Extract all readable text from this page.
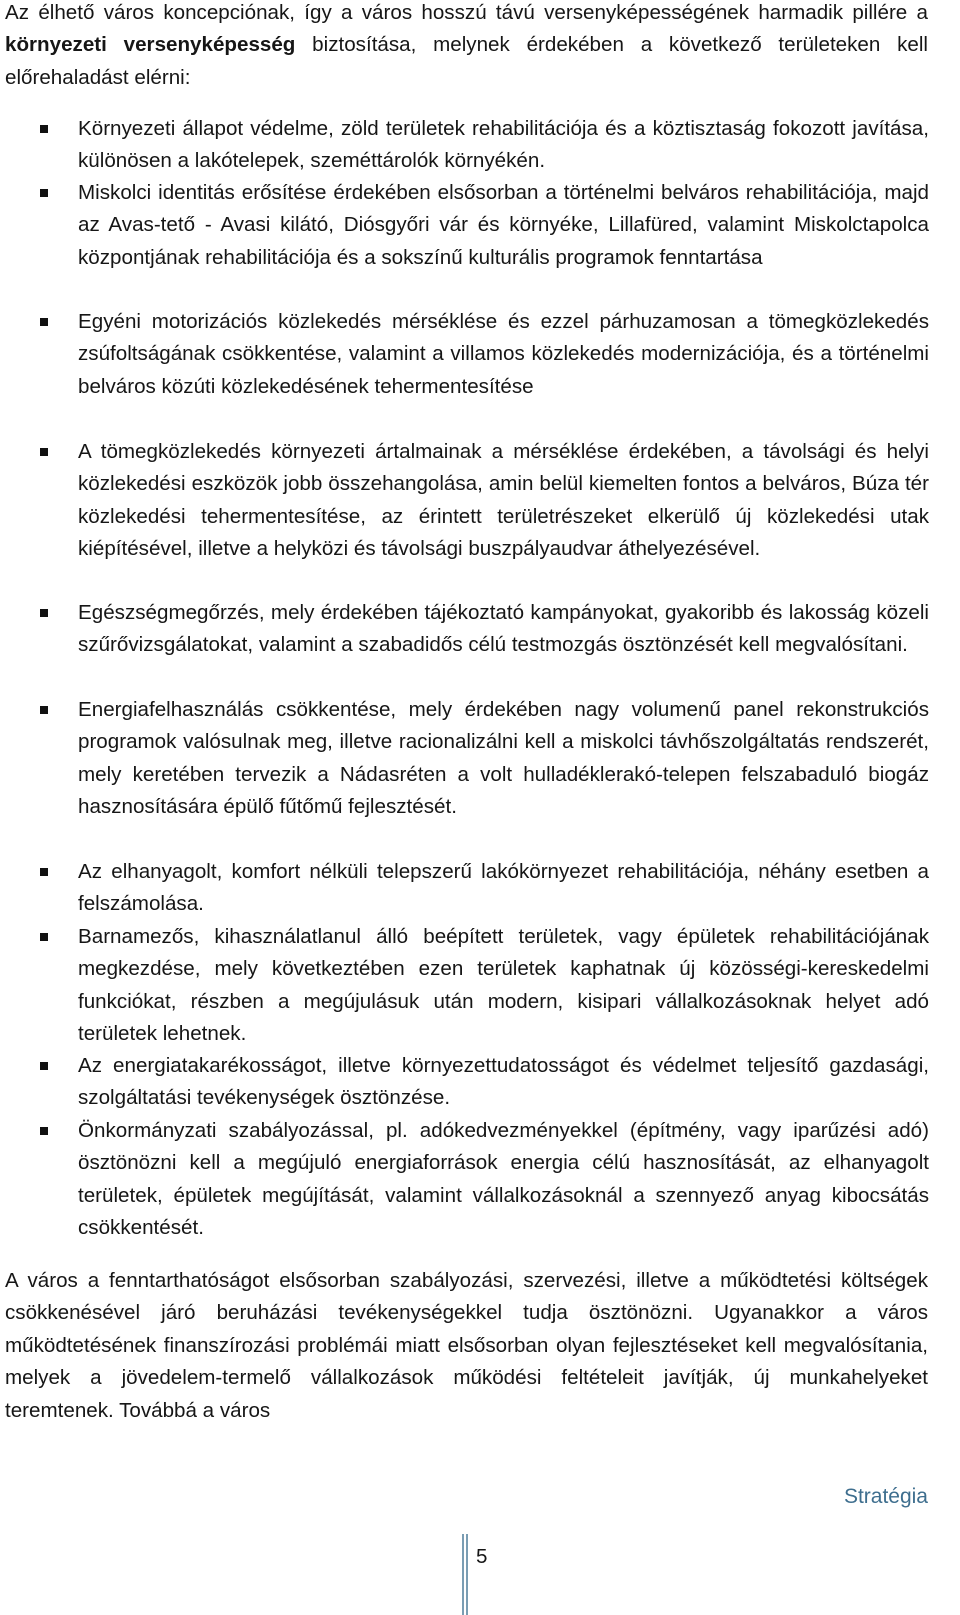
Az élhető város koncepciónak, így a város hosszú távú versenyképességének harmadik pillére a környezeti versenyképesség biztosítása, melynek érdekében a következő területeken kell előrehaladást elérni:

Környezeti állapot védelme, zöld területek rehabilitációja és a köztisztaság fokozott javítása, különösen a lakótelepek, szeméttárolók környékén.

Miskolci identitás erősítése érdekében elsősorban a történelmi belváros rehabilitációja, majd az Avas-tető - Avasi kilátó, Diósgyőri vár és környéke, Lillafüred, valamint Miskolctapolca központjának rehabilitációja és a sokszínű kulturális programok fenntartása

Egyéni motorizációs közlekedés mérséklése és ezzel párhuzamosan a tömegközlekedés zsúfoltságának csökkentése, valamint a villamos közlekedés modernizációja, és a történelmi belváros közúti közlekedésének tehermentesítése

A tömegközlekedés környezeti ártalmainak a mérséklése érdekében, a távolsági és helyi közlekedési eszközök jobb összehangolása, amin belül kiemelten fontos a belváros, Búza tér közlekedési tehermentesítése, az érintett területrészeket elkerülő új közlekedési utak kiépítésével, illetve a helyközi és távolsági buszpályaudvar áthelyezésével.

Egészségmegőrzés, mely érdekében tájékoztató kampányokat, gyakoribb és lakosság közeli szűrővizsgálatokat, valamint a szabadidős célú testmozgás ösztönzését kell megvalósítani.

Energiafelhasználás csökkentése, mely érdekében nagy volumenű panel rekonstrukciós programok valósulnak meg, illetve racionalizálni kell a miskolci távhőszolgáltatás rendszerét, mely keretében tervezik a Nádasréten a volt hulladéklerakó-telepen felszabaduló biogáz hasznosítására épülő fűtőmű fejlesztését.

Az elhanyagolt, komfort nélküli telepszerű lakókörnyezet rehabilitációja, néhány esetben a felszámolása.

Barnamezős, kihasználatlanul álló beépített területek, vagy épületek rehabilitációjának megkezdése, mely következtében ezen területek kaphatnak új közösségi-kereskedelmi funkciókat, részben a megújulásuk után modern, kisipari vállalkozásoknak helyet adó területek lehetnek.

Az energiatakarékosságot, illetve környezettudatosságot és védelmet teljesítő gazdasági, szolgáltatási tevékenységek ösztönzése.

Önkormányzati szabályozással, pl. adókedvezményekkel (építmény, vagy iparűzési adó) ösztönözni kell a megújuló energiaforrások energia célú hasznosítását, az elhanyagolt területek, épületek megújítását, valamint vállalkozásoknál a szennyező anyag kibocsátás csökkentését.

A város a fenntarthatóságot elsősorban szabályozási, szervezési, illetve a működtetési költségek csökkenésével járó beruházási tevékenységekkel tudja ösztönözni. Ugyanakkor a város működtetésének finanszírozási problémái miatt elsősorban olyan fejlesztéseket kell megvalósítania, melyek a jövedelem-termelő vállalkozások működési feltételeit javítják, új munkahelyeket teremtenek. Továbbá a város

Stratégia
5
